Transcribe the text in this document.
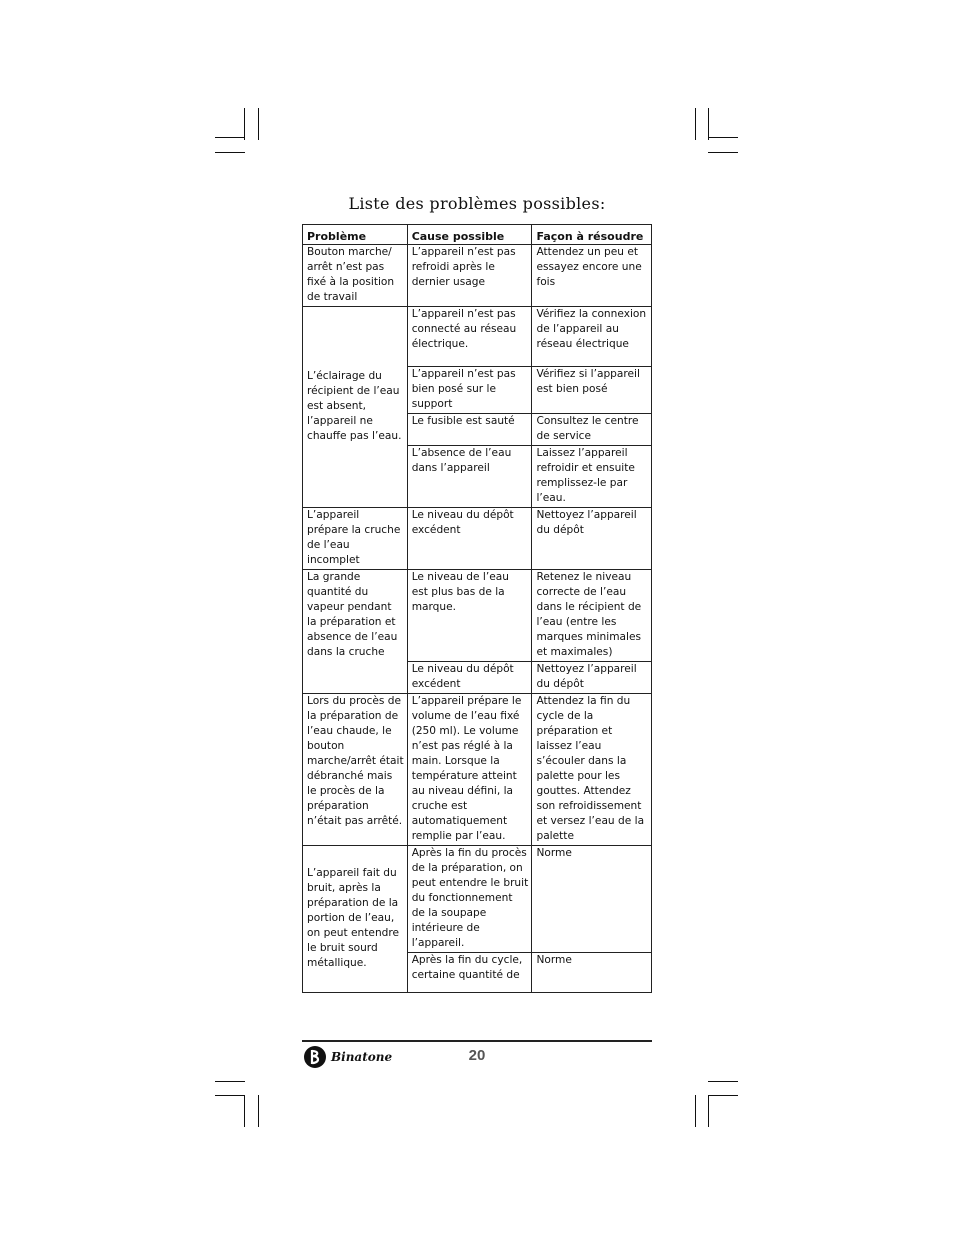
Liste des problèmes possibles:
Problème	Cause possible	Façon à résoudre
Bouton marche/ arrêt n’est pas fixé à la position de travail	L’appareil n’est pas refroidi après le dernier usage	Attendez un peu et essayez encore une fois
L’éclairage du récipient de l’eau est absent, l’appareil ne chauffe pas l’eau.	L’appareil n’est pas connecté au réseau électrique.	Vérifiez la connexion de l’appareil au réseau électrique
	L’appareil n’est pas bien posé sur le support	Vérifiez si l’appareil est bien posé
	Le fusible est sauté	Consultez le centre de service
	L’absence de l’eau dans l’appareil	Laissez l’appareil refroidir et ensuite remplissez-le par l’eau.
L’appareil prépare la cruche de l’eau incomplet	Le niveau du dépôt excédent	Nettoyez l’appareil du dépôt
La grande quantité du vapeur pendant la préparation et absence de l’eau dans la cruche	Le niveau de l’eau est plus bas de la marque.	Retenez le niveau correcte de l’eau dans le récipient de l’eau (entre les marques minimales et maximales)
	Le niveau du dépôt excédent	Nettoyez l’appareil du dépôt
Lors du procès de la préparation de l’eau chaude, le bouton marche/arrêt était débranché mais le procès de la préparation n’était pas arrêté.	L’appareil prépare le volume de l’eau fixé (250 ml). Le volume n’est pas réglé à la main. Lorsque la température atteint au niveau défini, la cruche est automatiquement remplie par l’eau.	Attendez la fin du cycle de la préparation et laissez l’eau s’écouler dans la palette pour les gouttes. Attendez son refroidissement et versez l’eau de la palette
L’appareil fait du bruit, après la préparation de la portion de l’eau, on peut entendre le bruit sourd métallique.	Après la fin du procès de la préparation, on peut entendre le bruit du fonctionnement de la soupape intérieure de l’appareil.	Norme
	Après la fin du cycle, certaine quantité de	Norme
Binatone	20
